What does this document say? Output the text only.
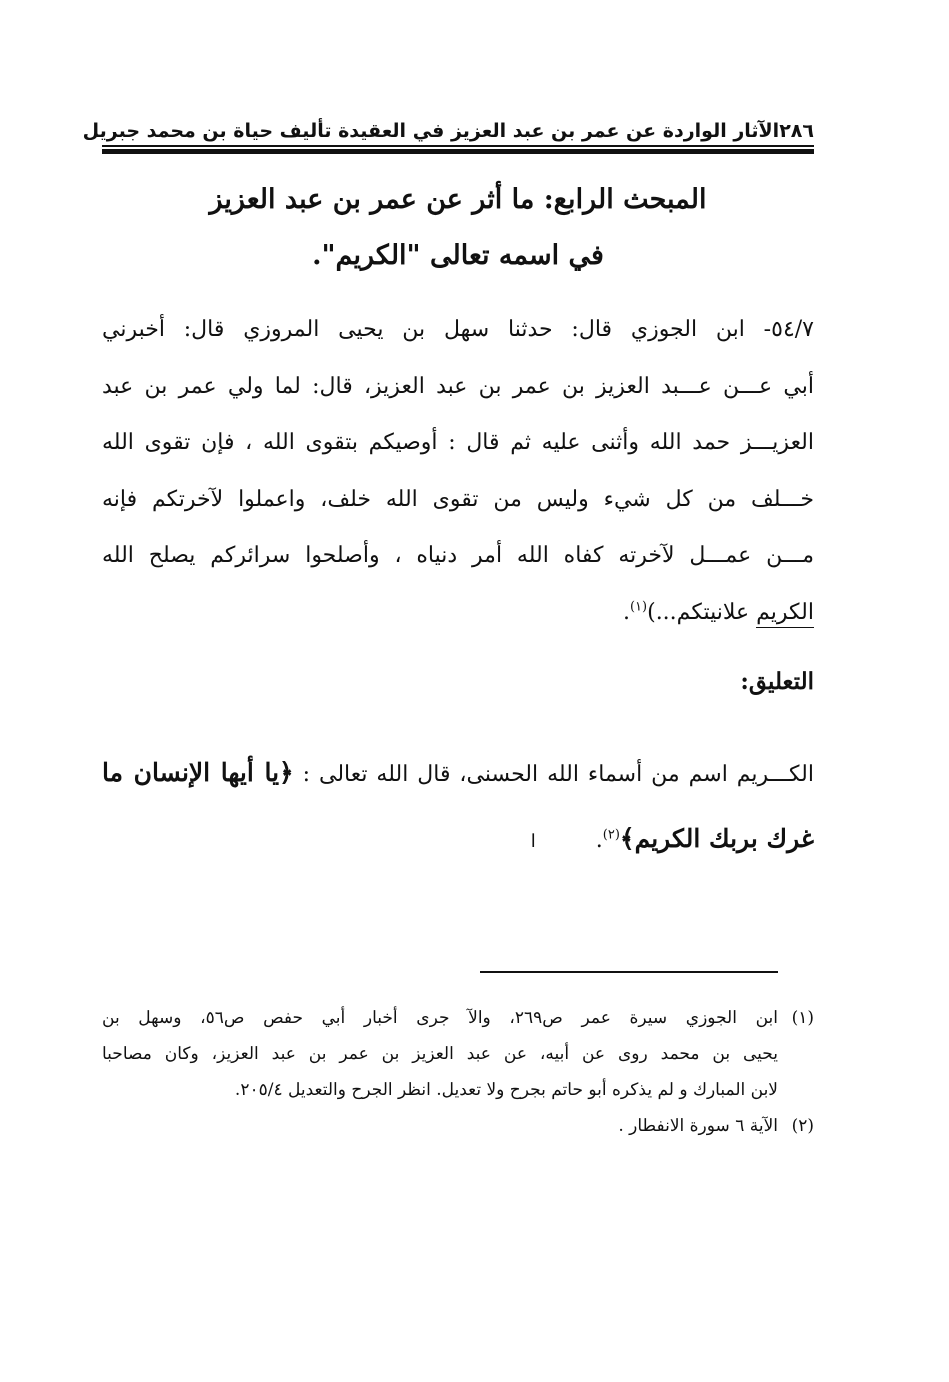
٢٨٦
الآثار الواردة عن عمر بن عبد العزيز في العقيدة تأليف حياة بن محمد جبريل
المبحث الرابع: ما أثر عن عمر بن عبد العزيز
في اسمه تعالى "الكريم".
٥٤/٧- ابن الجوزي قال: حدثنا سهل بن يحيى المروزي قال: أخبرني
أبي عـــن عـــبد العزيز بن عمر بن عبد العزيز، قال: لما ولي عمر بن عبد
العزيـــز حمد الله وأثنى عليه ثم قال : أوصيكم بتقوى الله ، فإن تقوى الله
خـــلف من كل شيء وليس من تقوى الله خلف، واعملوا لآخرتكم فإنه
مـــن عمـــل لآخرته كفاه الله أمر دنياه ، وأصلحوا سرائركم يصلح الله
الكريم علانيتكم...)$^{(١)}$.
التعليق:
الكـــريم اسم من أسماء الله الحسنى، قال الله تعالى : ﴿يا أيها الإنسان ما
غرك بربك الكريم﴾$^{(٢)}$.ا
(١)ابن الجوزي سيرة عمر ص٢٦٩، والآ جرى أخبار أبي حفص ص٥٦، وسهل بن
يحيى بن محمد روى عن أبيه، عن عبد العزيز بن عمر بن عبد العزيز، وكان مصاحبا
لابن المبارك و لم يذكره أبو حاتم بجرح ولا تعديل. انظر الجرح والتعديل ٢٠٥/٤.
(٢)الآية ٦ سورة الانفطار .
